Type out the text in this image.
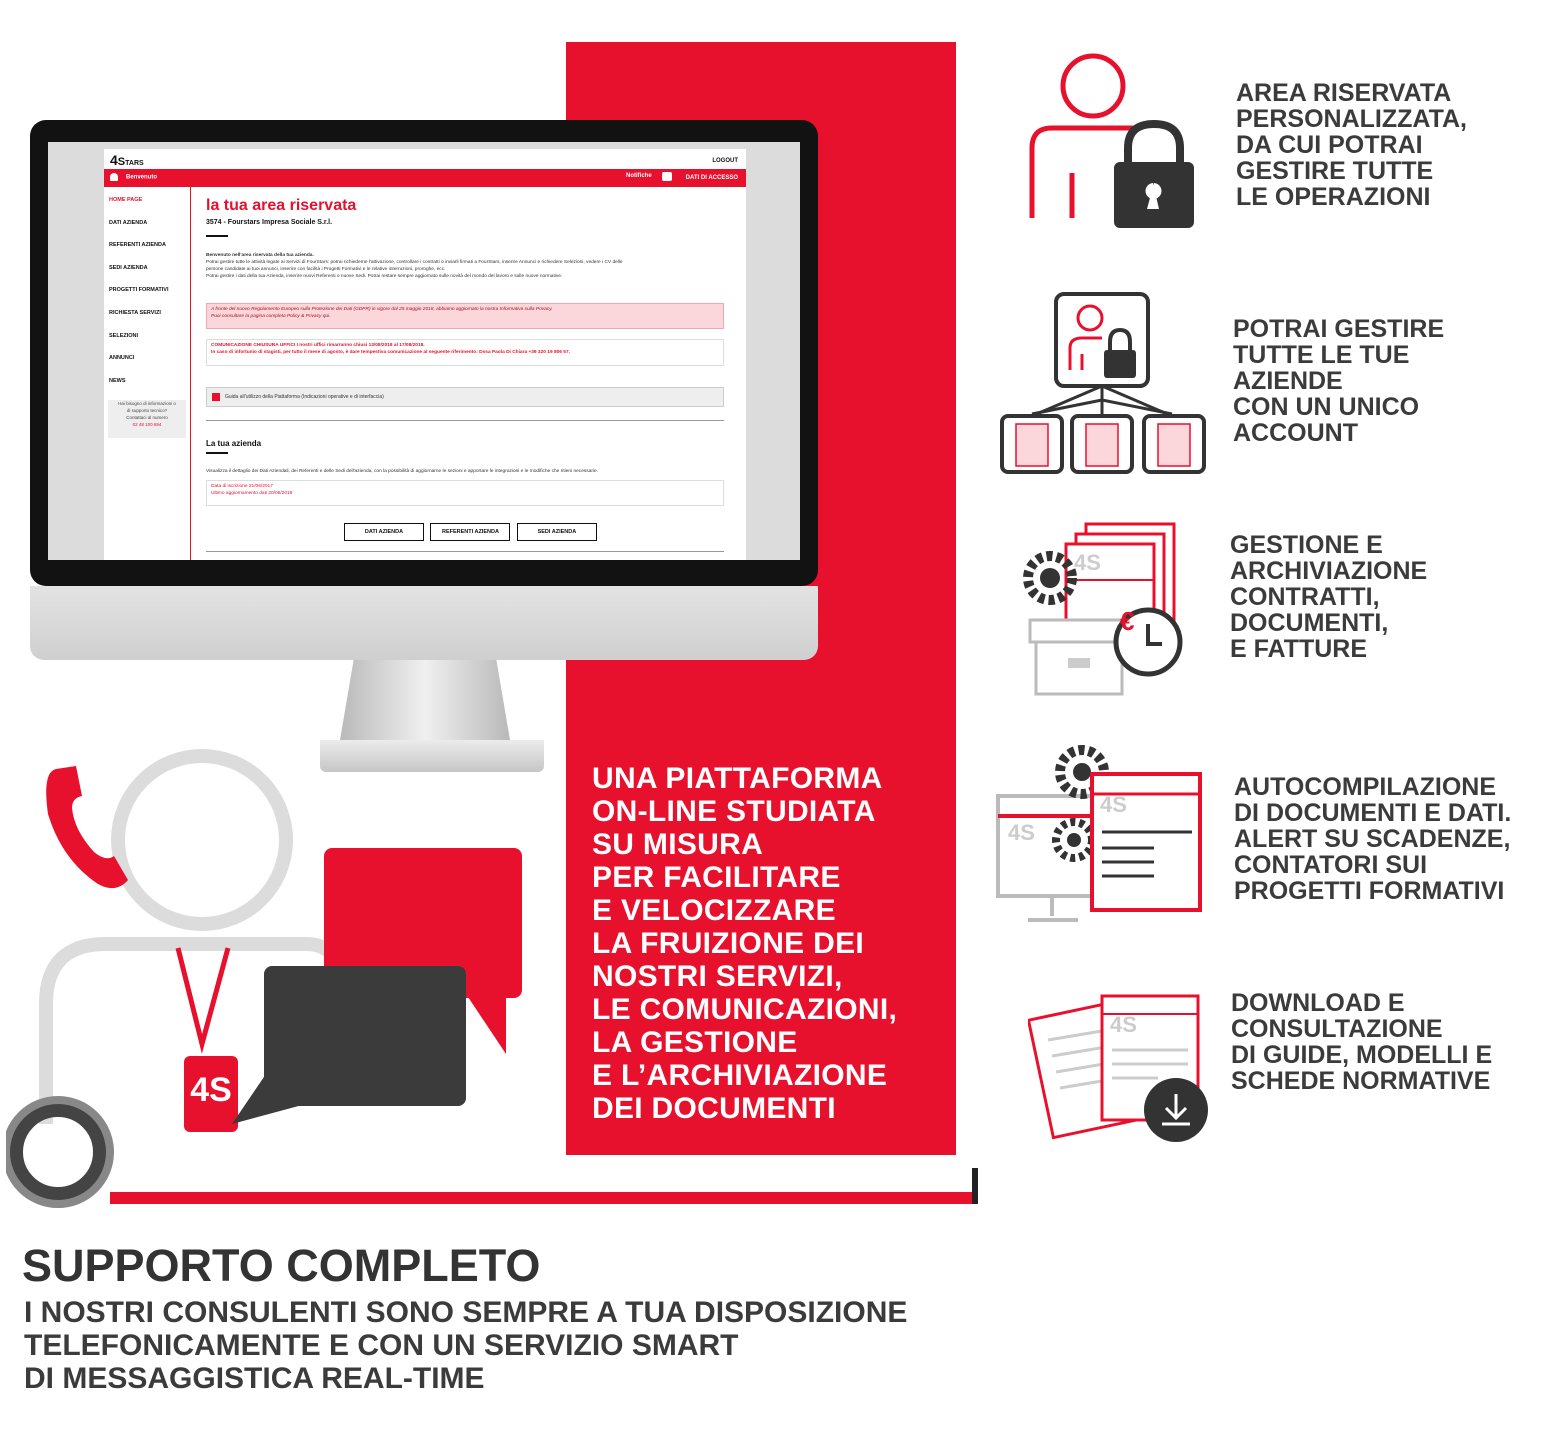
UNA PIATTAFORMA
ON-LINE STUDIATA
SU MISURA
PER FACILITARE
E VELOCIZZARE
LA FRUIZIONE DEI
NOSTRI SERVIZI,
LE COMUNICAZIONI,
LA GESTIONE
E L’ARCHIVIAZIONE
DEI DOCUMENTI
4STARS	LOGOUT
Benvenuto	Notifiche	DATI DI ACCESSO
HOME PAGE
DATI AZIENDA
REFERENTI AZIENDA
SEDI AZIENDA
PROGETTI FORMATIVI
RICHIESTA SERVIZI
SELEZIONI
ANNUNCI
NEWS
Hai bisogno di informazioni o
di supporto tecnico?
Contattaci al numero
02 48 100 694
la tua area riservata
3574 - Fourstars Impresa Sociale S.r.l.
Benvenuto nell'area riservata della tua azienda.
Potrai gestire tutte le attività legate ai Servizi di FourStars: potrai richiederne l'attivazione, controllare i contratti o inviarli firmati a FourStars, inserire Annunci e richiedere Selezioni, vedere i CV delle
persone candidate ai tuoi annunci, inserire con facilità i Progetti Formativi e le relative interruzioni, proroghe, ecc.
Potrai gestire i dati della tua Azienda, inserire nuovi Referenti o nuove Sedi. Potrai restare sempre aggiornato sulle novità del mondo del lavoro e sulle nuove normative.
A fronte del nuovo Regolamento Europeo sulla Protezione dei Dati (GDPR) in vigore dal 25 maggio 2018, abbiamo aggiornato la nostra Informativa sulla Privacy.
Puoi consultare la pagina completa Policy & Privacy qui.
COMUNICAZIONE CHIUSURA UFFICI I nostri uffici rimarranno chiusi 13/08/2018 al 17/08/2018.
In caso di infortunio di stagisti, per tutto il mese di agosto, è dare tempestiva comunicazione al seguente riferimento: Dssa Paola Di Chiara +39 320 19 806 57.
Guida all'utilizzo della Piattaforma (Indicazioni operative e di interfaccia)
La tua azienda
Visualizza il dettaglio dei Dati Aziendali, dei Referenti e delle Sedi dell'azienda, con la possibilità di aggiornarne le sezioni e apportare le integrazioni e le modifiche che ritieni necessarie.
Data di iscrizione 21/06/2017
Ultimo aggiornamento dati 20/06/2018
DATI AZIENDA	REFERENTI AZIENDA	SEDI AZIENDA
4S
€
4S
4S
4S
AREA RISERVATA
PERSONALIZZATA,
DA CUI POTRAI
GESTIRE TUTTE
LE OPERAZIONI
POTRAI GESTIRE
TUTTE LE TUE
AZIENDE
CON UN UNICO
ACCOUNT
GESTIONE E
ARCHIVIAZIONE
CONTRATTI,
DOCUMENTI,
E FATTURE
AUTOCOMPILAZIONE
DI DOCUMENTI E DATI.
ALERT SU SCADENZE,
CONTATORI SUI
PROGETTI FORMATIVI
DOWNLOAD E
CONSULTAZIONE
DI GUIDE, MODELLI E
SCHEDE NORMATIVE
4S
SUPPORTO COMPLETO
I NOSTRI CONSULENTI SONO SEMPRE A TUA DISPOSIZIONE
TELEFONICAMENTE E CON UN SERVIZIO SMART
DI MESSAGGISTICA REAL-TIME
